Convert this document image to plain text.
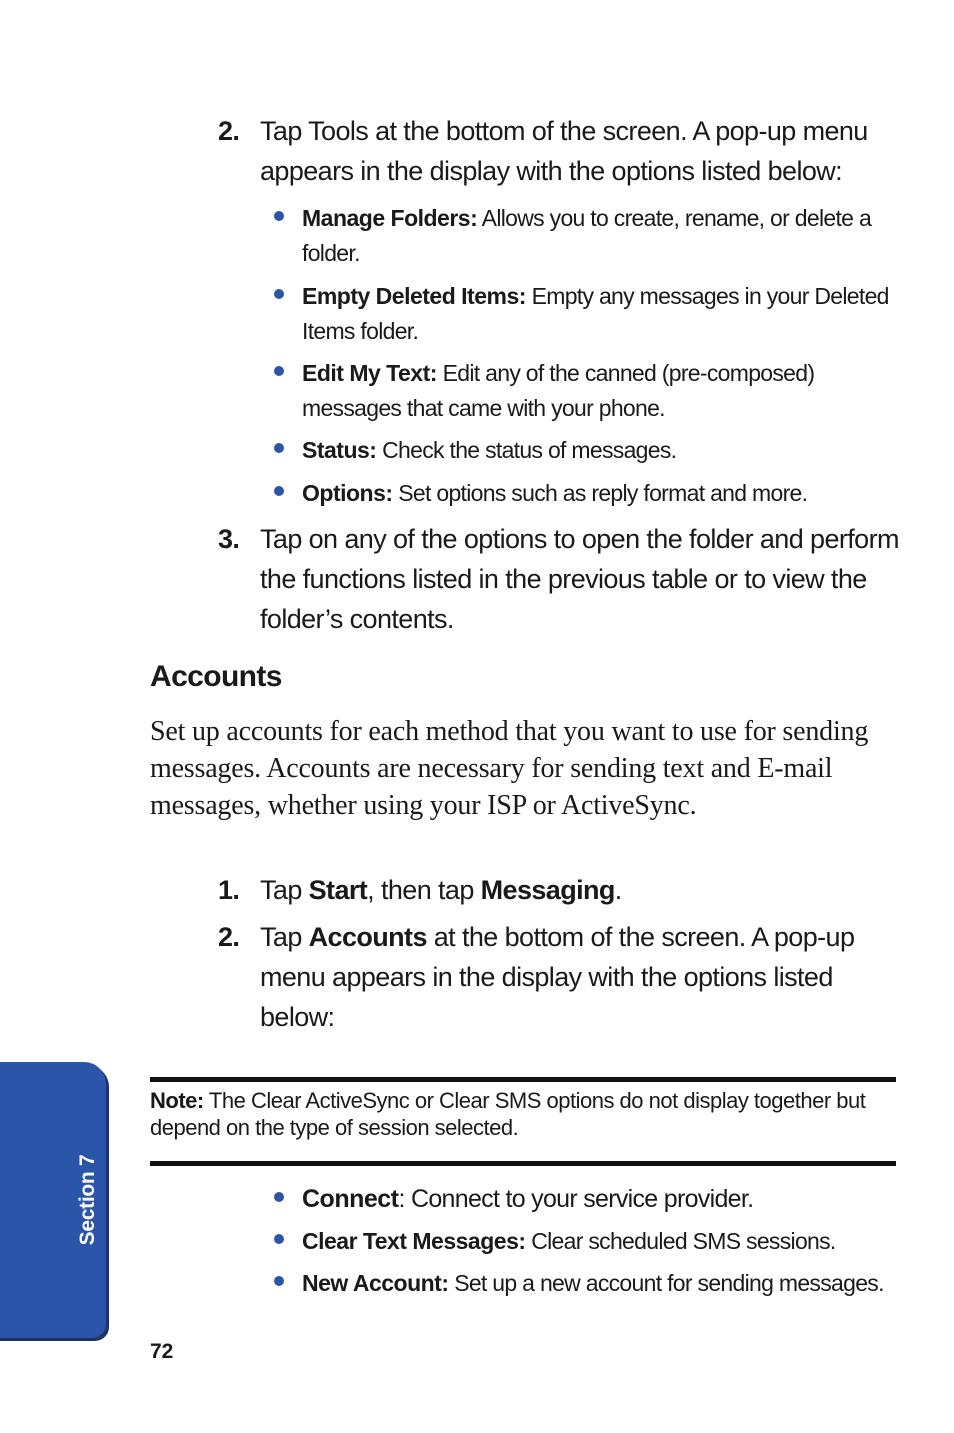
2. Tap Tools at the bottom of the screen. A pop-up menu appears in the display with the options listed below:
Manage Folders: Allows you to create, rename, or delete a folder.
Empty Deleted Items: Empty any messages in your Deleted Items folder.
Edit My Text: Edit any of the canned (pre-composed) messages that came with your phone.
Status: Check the status of messages.
Options: Set options such as reply format and more.
3. Tap on any of the options to open the folder and perform the functions listed in the previous table or to view the folder’s contents.
Accounts
Set up accounts for each method that you want to use for sending messages. Accounts are necessary for sending text and E-mail messages, whether using your ISP or ActiveSync.
1. Tap Start, then tap Messaging.
2. Tap Accounts at the bottom of the screen. A pop-up menu appears in the display with the options listed below:
Note: The Clear ActiveSync or Clear SMS options do not display together but depend on the type of session selected.
Connect: Connect to your service provider.
Clear Text Messages: Clear scheduled SMS sessions.
New Account: Set up a new account for sending messages.
Section 7
72
